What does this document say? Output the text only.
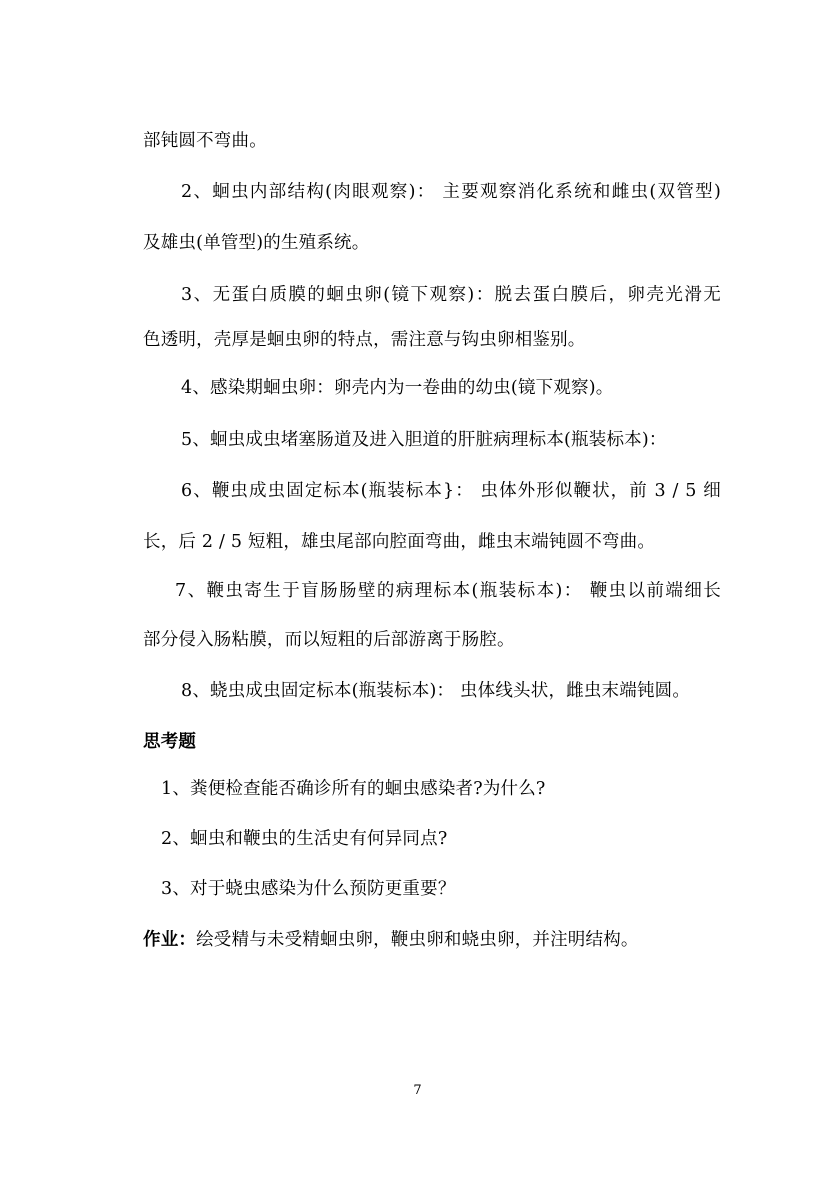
部钝圆不弯曲。
2、蛔虫内部结构(肉眼观察)： 主要观察消化系统和雌虫(双管型)
及雄虫(单管型)的生殖系统。
3、无蛋白质膜的蛔虫卵(镜下观察)：脱去蛋白膜后，卵壳光滑无
色透明，壳厚是蛔虫卵的特点，需注意与钩虫卵相鉴别。
4、感染期蛔虫卵：卵壳内为一卷曲的幼虫(镜下观察)。
5、蛔虫成虫堵塞肠道及进入胆道的肝脏病理标本(瓶装标本)：
6、鞭虫成虫固定标本(瓶装标本}： 虫体外形似鞭状，前 3 / 5 细
长，后 2 / 5 短粗，雄虫尾部向腔面弯曲，雌虫末端钝圆不弯曲。
7、鞭虫寄生于盲肠肠壁的病理标本(瓶装标本)： 鞭虫以前端细长
部分侵入肠粘膜，而以短粗的后部游离于肠腔。
8、蛲虫成虫固定标本(瓶装标本)： 虫体线头状，雌虫末端钝圆。
思考题
1、粪便检查能否确诊所有的蛔虫感染者?为什么?
2、蛔虫和鞭虫的生活史有何异同点?
3、对于蛲虫感染为什么预防更重要？
作业：绘受精与未受精蛔虫卵，鞭虫卵和蛲虫卵，并注明结构。
7
